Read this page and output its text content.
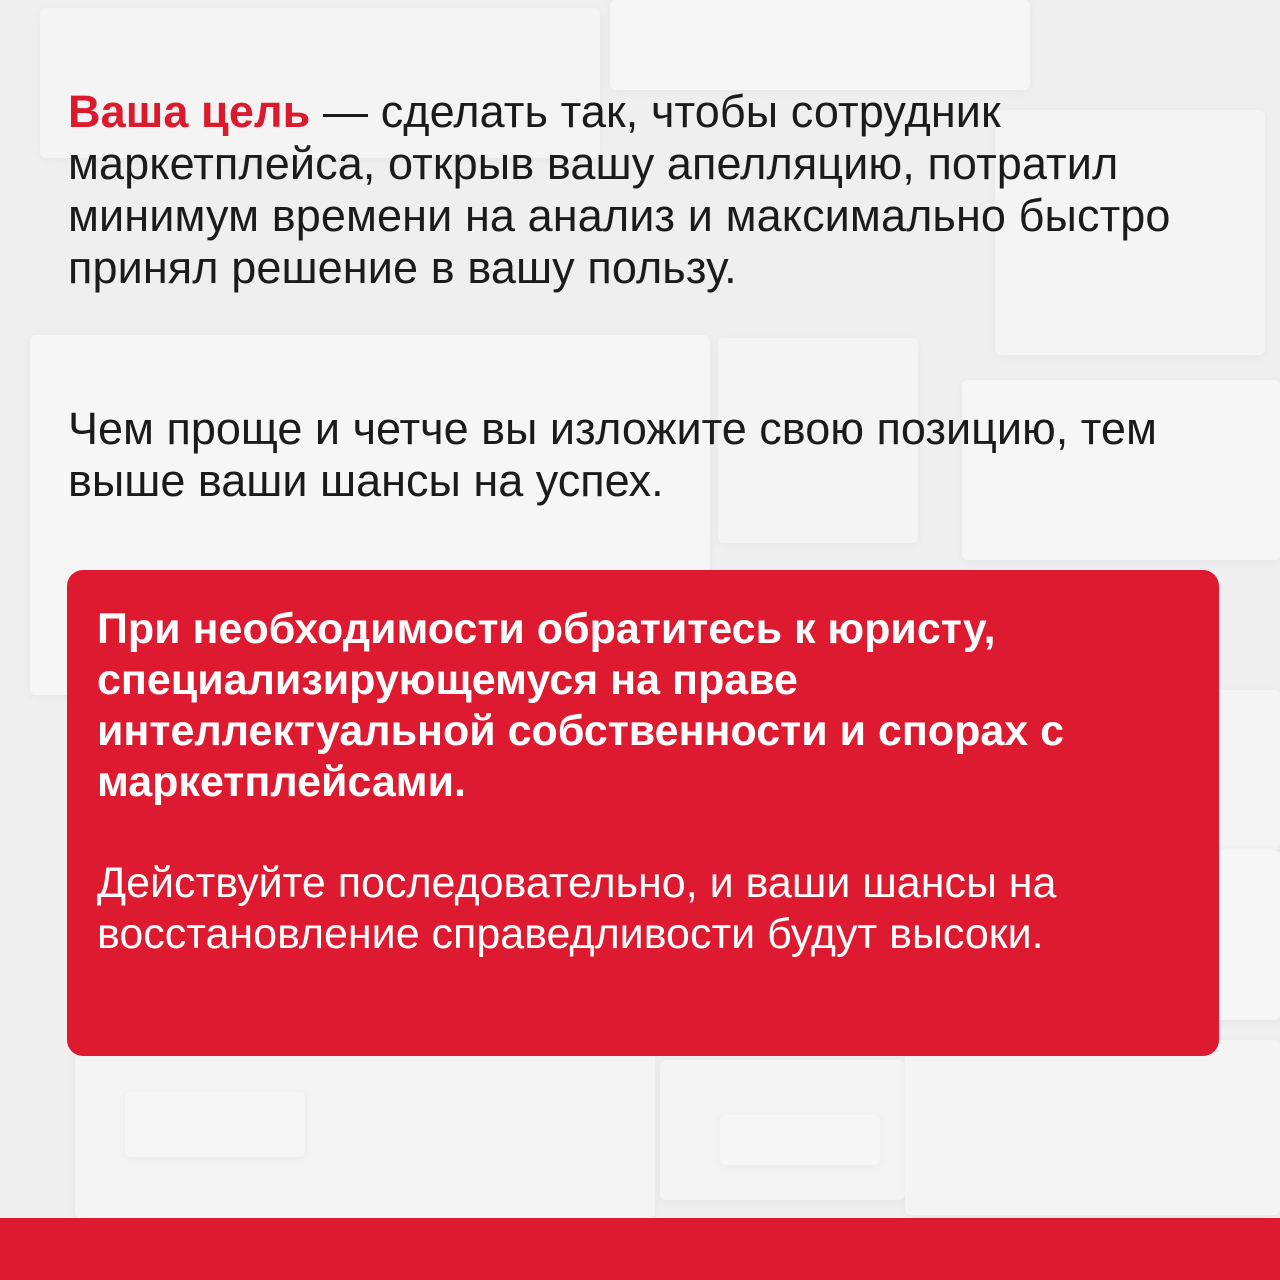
Ваша цель — сделать так, чтобы сотрудник маркетплейса, открыв вашу апелляцию, потратил минимум времени на анализ и максимально быстро принял решение в вашу пользу.

Чем проще и четче вы изложите свою позицию, тем выше ваши шансы на успех.

При необходимости обратитесь к юристу, специализирующемуся на праве интеллектуальной собственности и спорах с маркетплейсами.

Действуйте последовательно, и ваши шансы на восстановление справедливости будут высоки.
